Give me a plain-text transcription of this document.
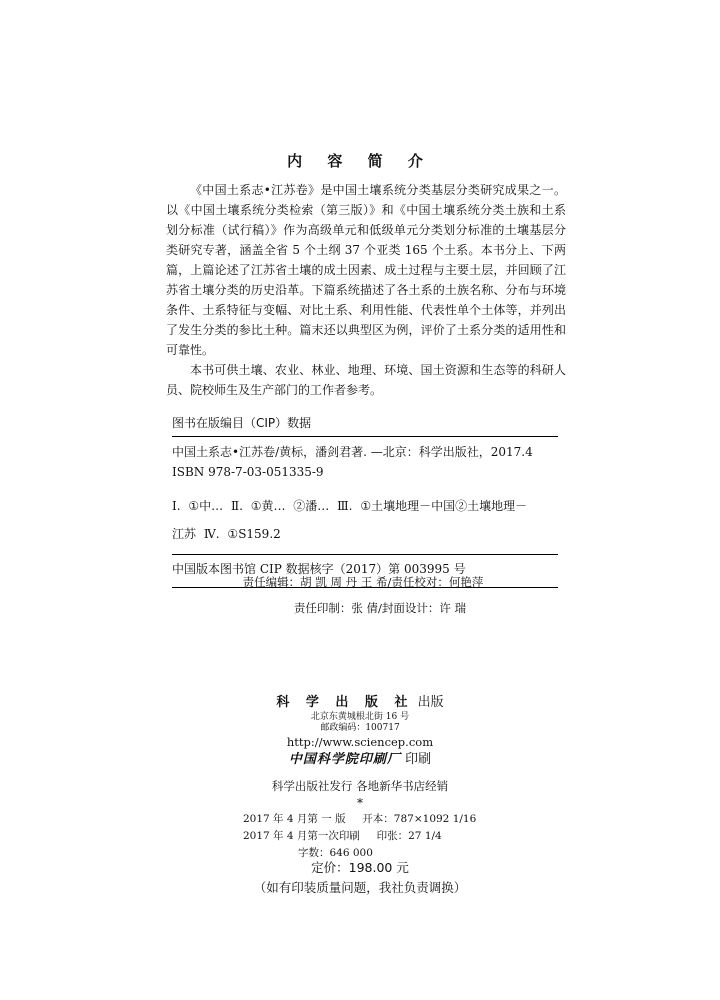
内 容 简 介

《中国土系志•江苏卷》是中国土壤系统分类基层分类研究成果之一。以《中国土壤系统分类检索（第三版）》和《中国土壤系统分类土族和土系划分标准（试行稿）》作为高级单元和低级单元分类划分标准的土壤基层分类研究专著，涵盖全省 5 个土纲 37 个亚类 165 个土系。本书分上、下两篇，上篇论述了江苏省土壤的成土因素、成土过程与主要土层，并回顾了江苏省土壤分类的历史沿革。下篇系统描述了各土系的土族名称、分布与环境条件、土系特征与变幅、对比土系、利用性能、代表性单个土体等，并列出了发生分类的参比土种。篇末还以典型区为例，评价了土系分类的适用性和可靠性。

本书可供土壤、农业、林业、地理、环境、国土资源和生态等的科研人员、院校师生及生产部门的工作者参考。

图书在版编目（CIP）数据
中国土系志•江苏卷/黄标，潘剑君著. —北京：科学出版社，2017.4
ISBN 978-7-03-051335-9
Ⅰ. ①中… Ⅱ. ①黄… ②潘… Ⅲ. ①土壤地理－中国②土壤地理－
江苏 Ⅳ. ①S159.2
中国版本图书馆 CIP 数据核字（2017）第 003995 号
责任编辑：胡 凯 周 丹 王 希/责任校对：何艳萍
责任印制：张 倩/封面设计：许 瑞
科 学 出 版 社 出版
北京东黄城根北街 16 号
邮政编码：100717
http://www.sciencep.com
中国科学院印刷厂 印刷
科学出版社发行 各地新华书店经销
*
2017 年 4 月第 一 版 开本：787×1092 1/16
2017 年 4 月第一次印刷 印张：27 1/4
字数：646 000
定价：198.00 元
（如有印装质量问题，我社负责调换）
